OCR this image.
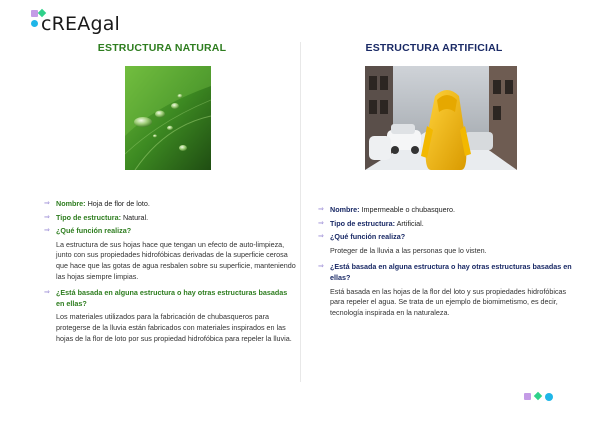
cREAgal
ESTRUCTURA NATURAL	ESTRUCTURA ARTIFICIAL
⇒ Nombre: Hoja de flor de loto.
⇒ Tipo de estructura: Natural.
⇒ ¿Qué función realiza?
La estructura de sus hojas hace que tengan un efecto de auto-limpieza, junto con sus propiedades hidrofóbicas derivadas de la superficie cerosa que hace que las gotas de agua resbalen sobre su superficie, manteniendo las hojas siempre limpias.
⇒ ¿Está basada en alguna estructura o hay otras estructuras basadas en ellas?
Los materiales utilizados para la fabricación de chubasqueros para protegerse de la lluvia están fabricados con materiales inspirados en las hojas de la flor de loto por sus propiedad hidrofóbica para repeler la lluvia.
⇒ Nombre: Impermeable o chubasquero.
⇒ Tipo de estructura: Artificial.
⇒ ¿Qué función realiza?
Proteger de la lluvia a las personas que lo visten.
⇒ ¿Está basada en alguna estructura o hay otras estructuras basadas en ellas?
Está basada en las hojas de la flor del loto y sus propiedades hidrofóbicas para repeler el agua. Se trata de un ejemplo de biomimetismo, es decir, tecnología inspirada en la naturaleza.
